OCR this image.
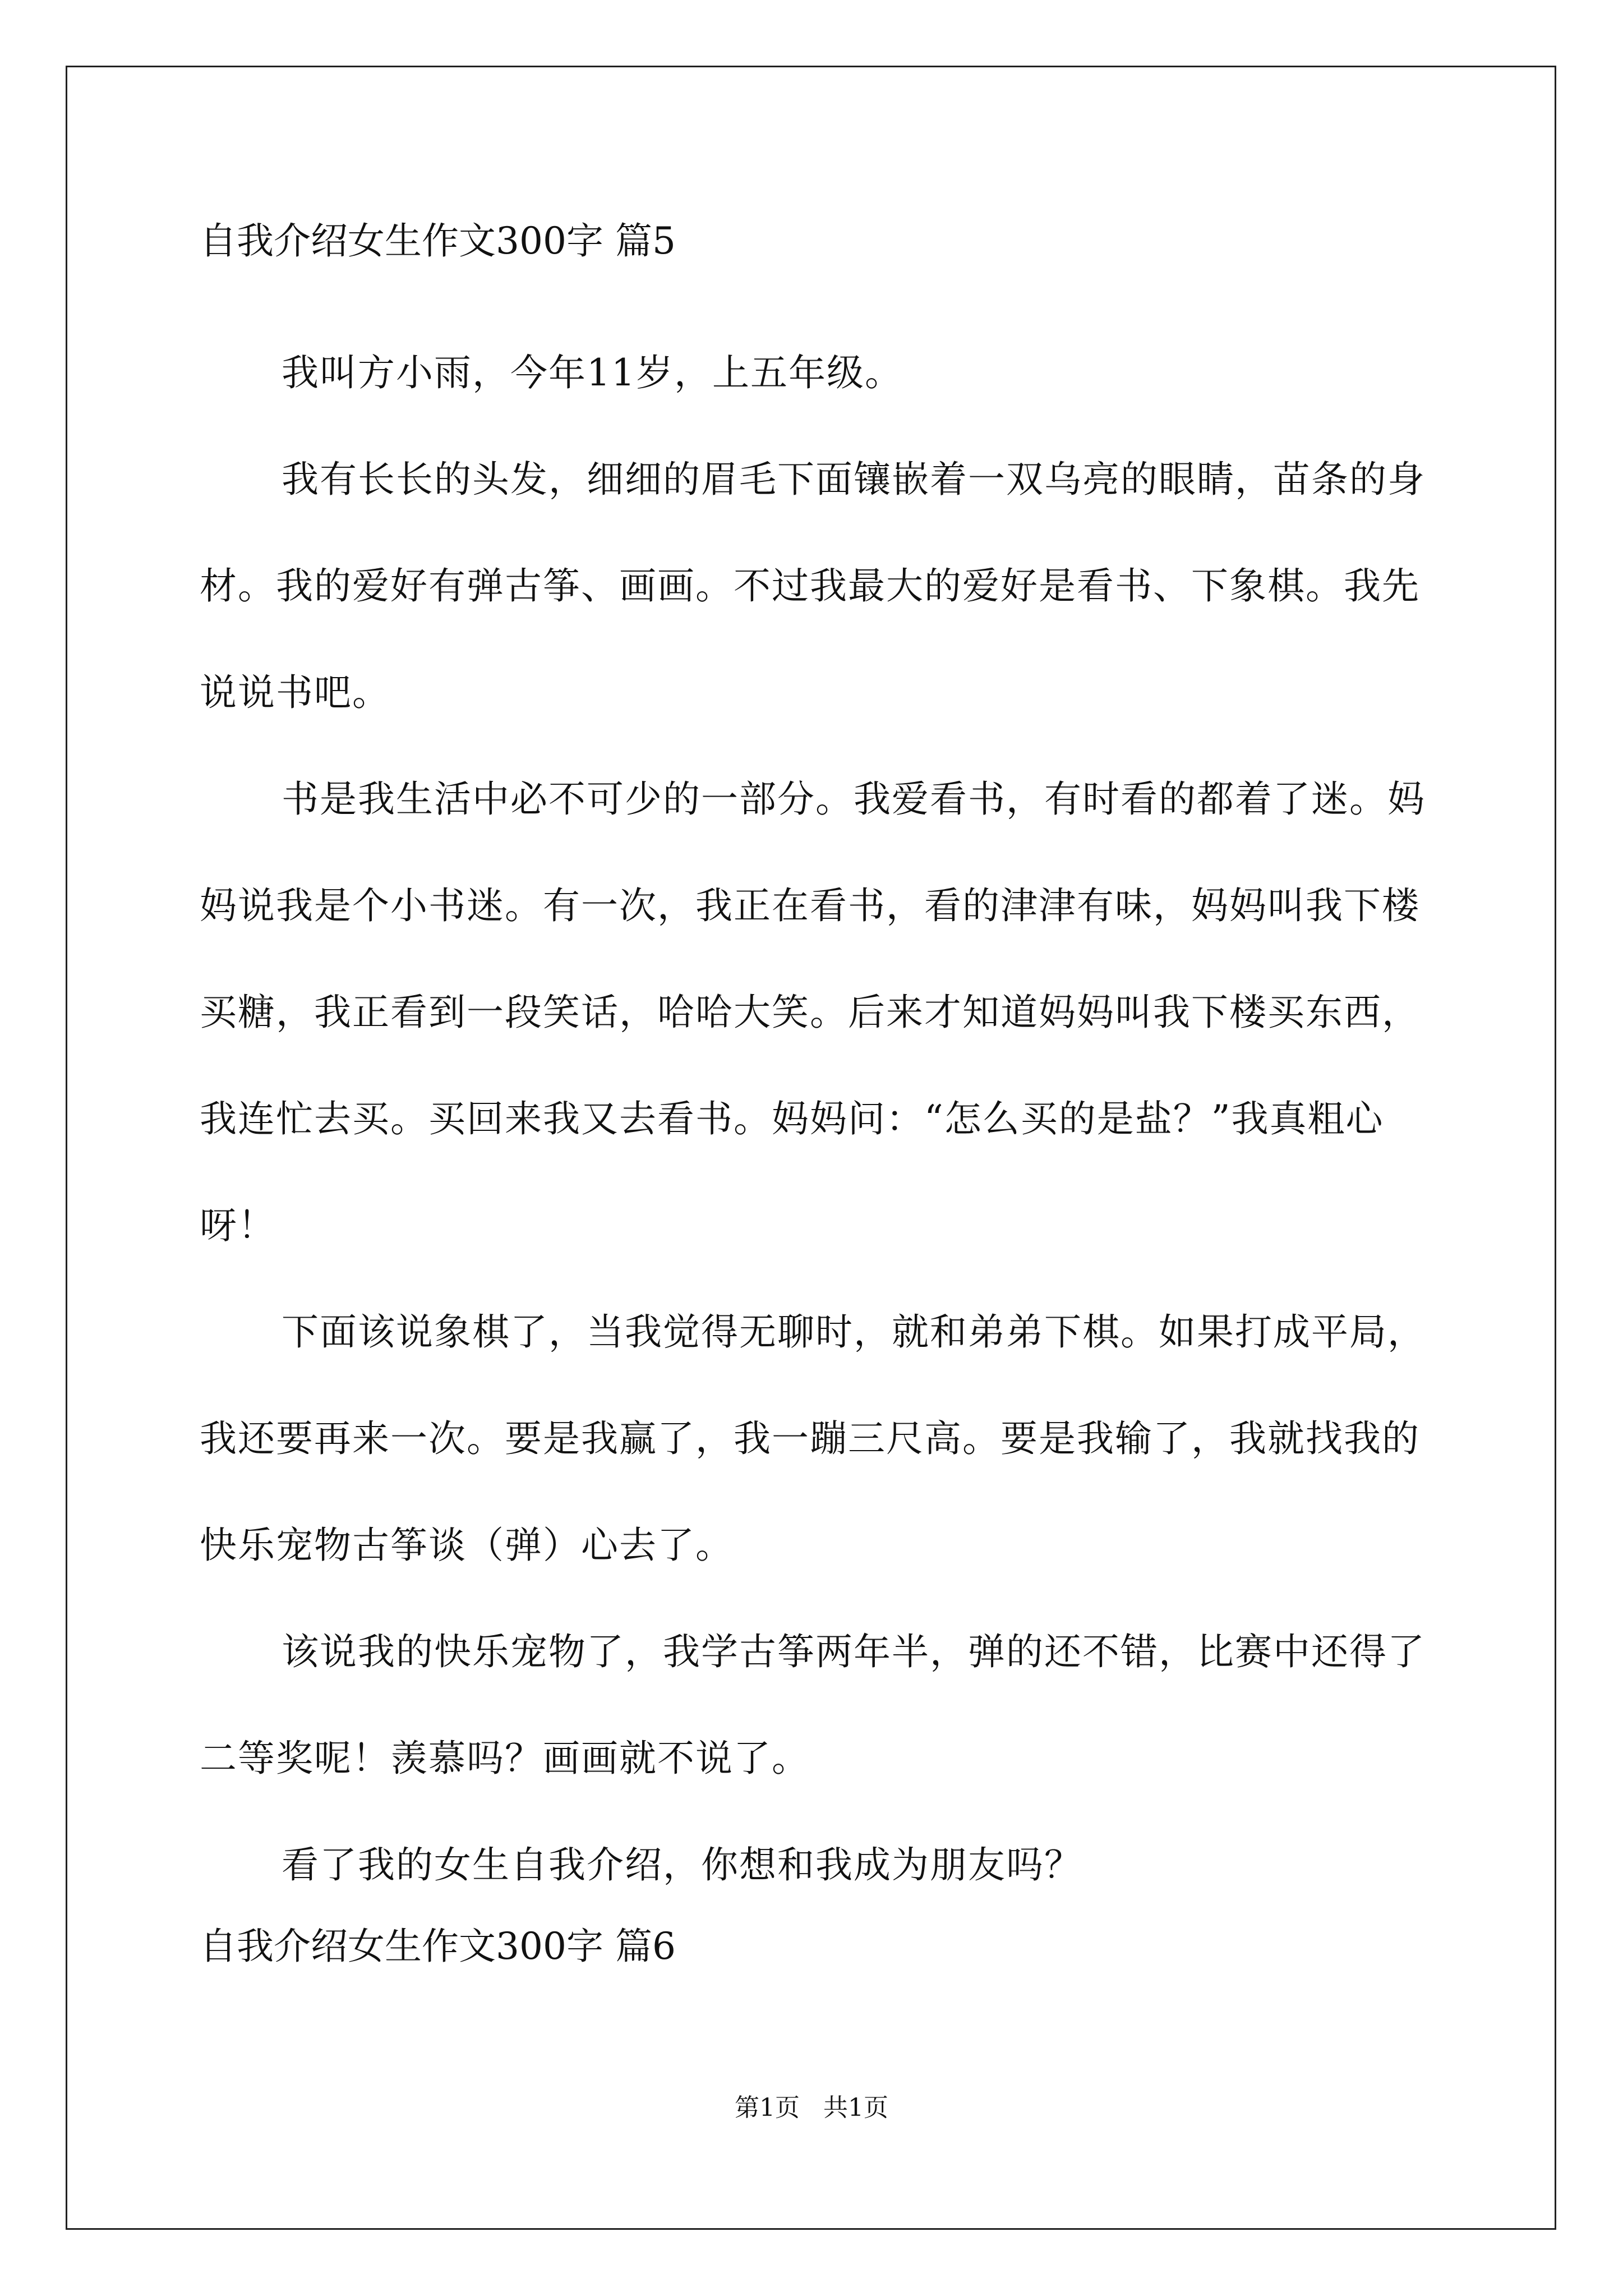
自我介绍女生作文300字 篇5

我叫方小雨，今年11岁，上五年级。

我有长长的头发，细细的眉毛下面镶嵌着一双乌亮的眼睛，苗条的身材。我的爱好有弹古筝、画画。不过我最大的爱好是看书、下象棋。我先说说书吧。

书是我生活中必不可少的一部分。我爱看书，有时看的都着了迷。妈妈说我是个小书迷。有一次，我正在看书，看的津津有味，妈妈叫我下楼买糖，我正看到一段笑话，哈哈大笑。后来才知道妈妈叫我下楼买东西，我连忙去买。买回来我又去看书。妈妈问：“怎么买的是盐？”我真粗心呀！

下面该说象棋了，当我觉得无聊时，就和弟弟下棋。如果打成平局，我还要再来一次。要是我赢了，我一蹦三尺高。要是我输了，我就找我的快乐宠物古筝谈（弹）心去了。

该说我的快乐宠物了，我学古筝两年半，弹的还不错，比赛中还得了二等奖呢！羡慕吗？画画就不说了。

看了我的女生自我介绍，你想和我成为朋友吗？

自我介绍女生作文300字 篇6
第1页   共1页
